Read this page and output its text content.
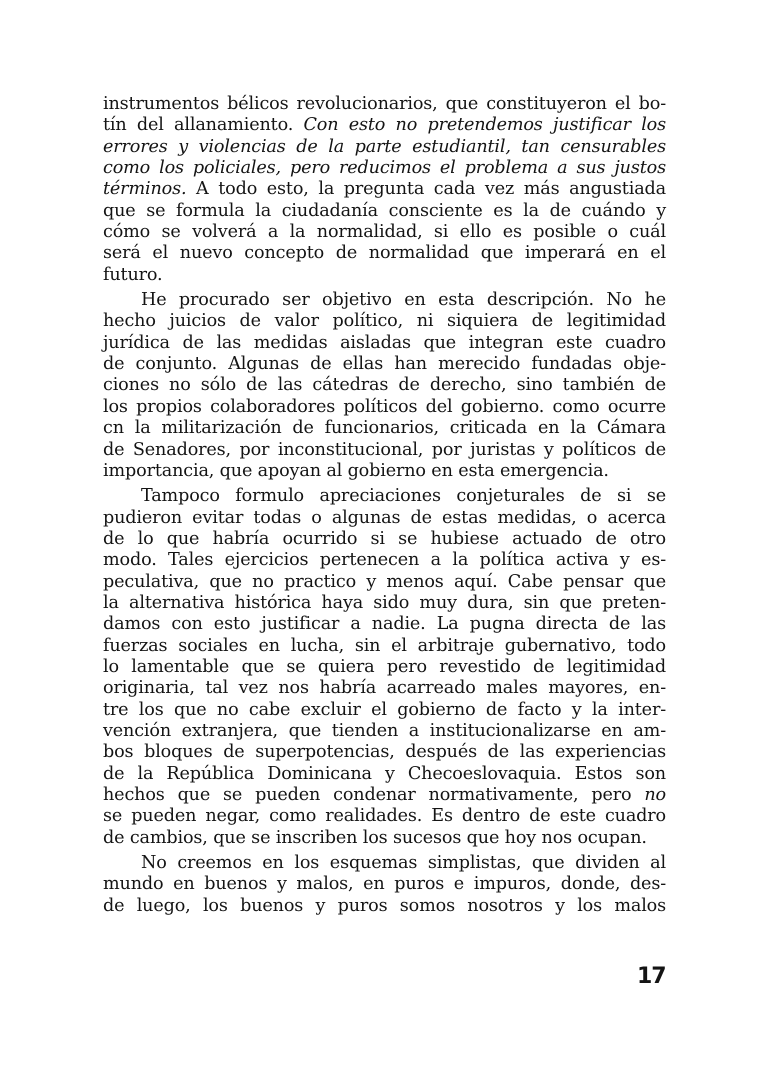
instrumentos bélicos revolucionarios, que constituyeron el bo-
tín del allanamiento. Con esto no pretendemos justificar los
errores y violencias de la parte estudiantil, tan censurables
como los policiales, pero reducimos el problema a sus justos
términos. A todo esto, la pregunta cada vez más angustiada
que se formula la ciudadanía consciente es la de cuándo y
cómo se volverá a la normalidad, si ello es posible o cuál
será el nuevo concepto de normalidad que imperará en el
futuro.
He procurado ser objetivo en esta descripción. No he
hecho juicios de valor político, ni siquiera de legitimidad
jurídica de las medidas aisladas que integran este cuadro
de conjunto. Algunas de ellas han merecido fundadas obje-
ciones no sólo de las cátedras de derecho, sino también de
los propios colaboradores políticos del gobierno. como ocurre
cn la militarización de funcionarios, criticada en la Cámara
de Senadores, por inconstitucional, por juristas y políticos de
importancia, que apoyan al gobierno en esta emergencia.
Tampoco formulo apreciaciones conjeturales de si se
pudieron evitar todas o algunas de estas medidas, o acerca
de lo que habría ocurrido si se hubiese actuado de otro
modo. Tales ejercicios pertenecen a la política activa y es-
peculativa, que no practico y menos aquí. Cabe pensar que
la alternativa histórica haya sido muy dura, sin que preten-
damos con esto justificar a nadie. La pugna directa de las
fuerzas sociales en lucha, sin el arbitraje gubernativo, todo
lo lamentable que se quiera pero revestido de legitimidad
originaria, tal vez nos habría acarreado males mayores, en-
tre los que no cabe excluir el gobierno de facto y la inter-
vención extranjera, que tienden a institucionalizarse en am-
bos bloques de superpotencias, después de las experiencias
de la República Dominicana y Checoeslovaquia. Estos son
hechos que se pueden condenar normativamente, pero no
se pueden negar, como realidades. Es dentro de este cuadro
de cambios, que se inscriben los sucesos que hoy nos ocupan.
No creemos en los esquemas simplistas, que dividen al
mundo en buenos y malos, en puros e impuros, donde, des-
de luego, los buenos y puros somos nosotros y los malos
17
